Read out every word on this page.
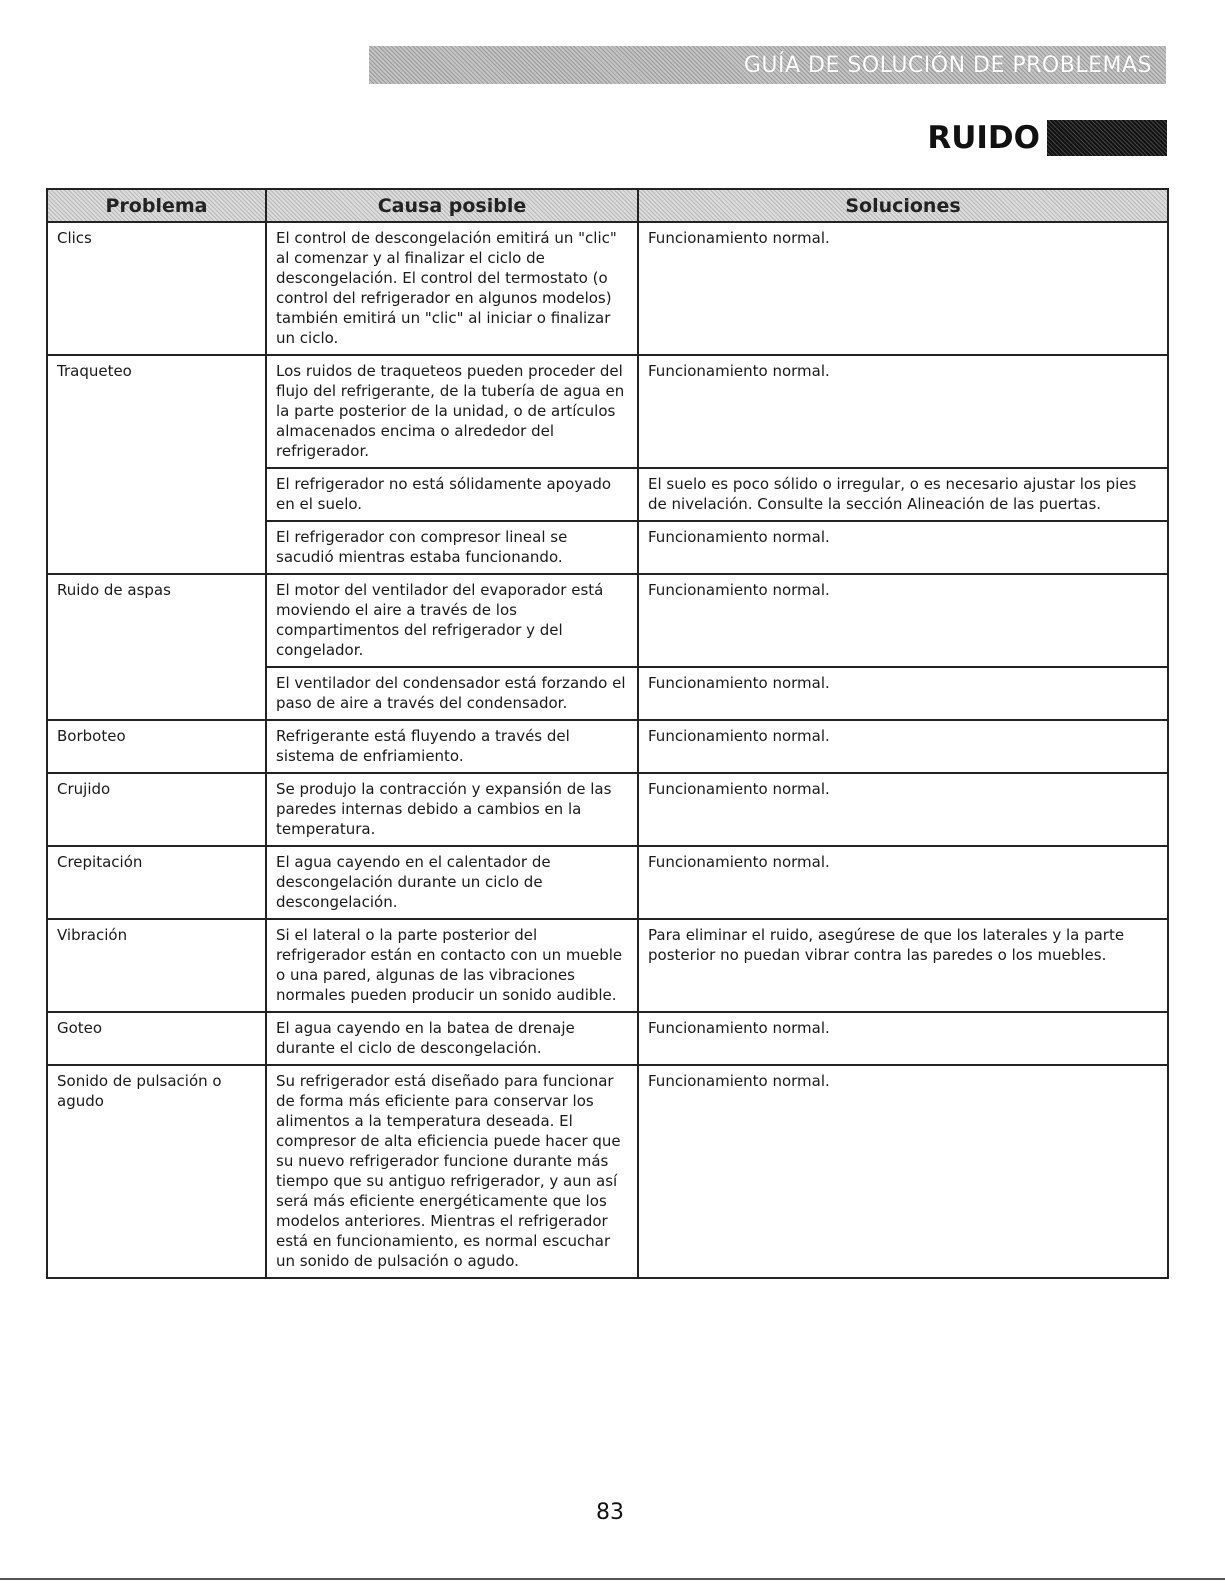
GUÍA DE SOLUCIÓN DE PROBLEMAS
RUIDO
Problema	Causa posible	Soluciones
Clics	El control de descongelación emitirá un "clic" al comenzar y al finalizar el ciclo de descongelación. El control del termostato (o control del refrigerador en algunos modelos) también emitirá un "clic" al iniciar o finalizar un ciclo.	Funcionamiento normal.
Traqueteo	Los ruidos de traqueteos pueden proceder del flujo del refrigerante, de la tubería de agua en la parte posterior de la unidad, o de artículos almacenados encima o alrededor del refrigerador.	Funcionamiento normal.
	El refrigerador no está sólidamente apoyado en el suelo.	El suelo es poco sólido o irregular, o es necesario ajustar los pies de nivelación. Consulte la sección Alineación de las puertas.
	El refrigerador con compresor lineal se sacudió mientras estaba funcionando.	Funcionamiento normal.
Ruido de aspas	El motor del ventilador del evaporador está moviendo el aire a través de los compartimentos del refrigerador y del congelador.	Funcionamiento normal.
	El ventilador del condensador está forzando el paso de aire a través del condensador.	Funcionamiento normal.
Borboteo	Refrigerante está fluyendo a través del sistema de enfriamiento.	Funcionamiento normal.
Crujido	Se produjo la contracción y expansión de las paredes internas debido a cambios en la temperatura.	Funcionamiento normal.
Crepitación	El agua cayendo en el calentador de descongelación durante un ciclo de descongelación.	Funcionamiento normal.
Vibración	Si el lateral o la parte posterior del refrigerador están en contacto con un mueble o una pared, algunas de las vibraciones normales pueden producir un sonido audible.	Para eliminar el ruido, asegúrese de que los laterales y la parte posterior no puedan vibrar contra las paredes o los muebles.
Goteo	El agua cayendo en la batea de drenaje durante el ciclo de descongelación.	Funcionamiento normal.
Sonido de pulsación o agudo	Su refrigerador está diseñado para funcionar de forma más eficiente para conservar los alimentos a la temperatura deseada. El compresor de alta eficiencia puede hacer que su nuevo refrigerador funcione durante más tiempo que su antiguo refrigerador, y aun así será más eficiente energéticamente que los modelos anteriores. Mientras el refrigerador está en funcionamiento, es normal escuchar un sonido de pulsación o agudo.	Funcionamiento normal.
83
